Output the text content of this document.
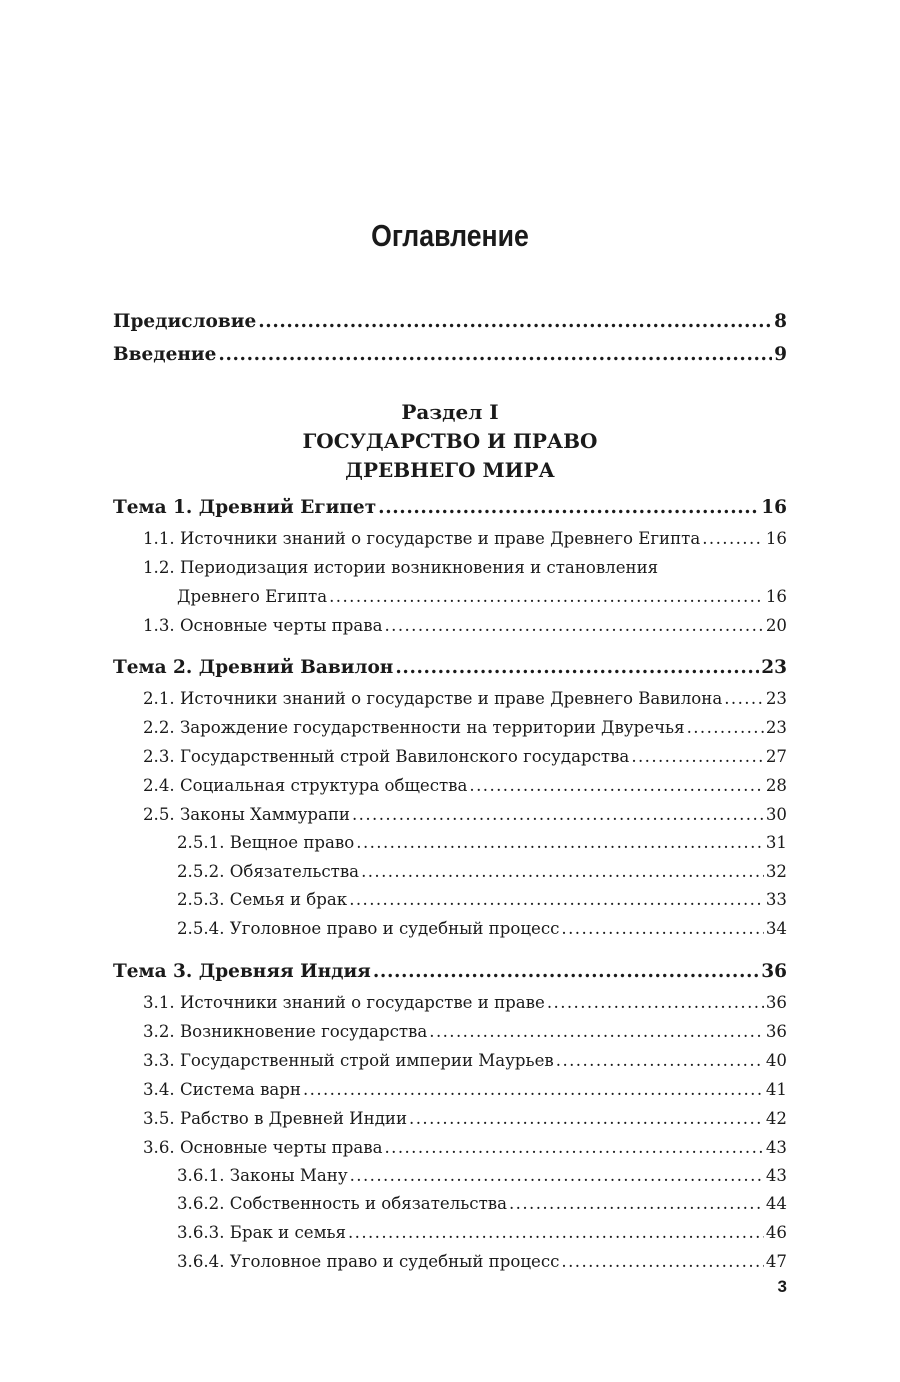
Оглавление
Предисловие .....	8
Введение .....	9
Раздел I
ГОСУДАРСТВО И ПРАВО
ДРЕВНЕГО МИРА
Тема 1. Древний Египет .....	16
1.1. Источники знаний о государстве и праве Древнего Египта .....	16
1.2. Периодизация истории возникновения и становления
Древнего Египта .....	16
1.3. Основные черты права .....	20
Тема 2. Древний Вавилон .....	23
2.1. Источники знаний о государстве и праве Древнего Вавилона .....	23
2.2. Зарождение государственности на территории Двуречья .....	23
2.3. Государственный строй Вавилонского государства .....	27
2.4. Социальная структура общества .....	28
2.5. Законы Хаммурапи .....	30
2.5.1. Вещное право .....	31
2.5.2. Обязательства .....	32
2.5.3. Семья и брак .....	33
2.5.4. Уголовное право и судебный процесс .....	34
Тема 3. Древняя Индия .....	36
3.1. Источники знаний о государстве и праве .....	36
3.2. Возникновение государства .....	36
3.3. Государственный строй империи Маурьев .....	40
3.4. Система варн .....	41
3.5. Рабство в Древней Индии .....	42
3.6. Основные черты права .....	43
3.6.1. Законы Ману .....	43
3.6.2. Собственность и обязательства .....	44
3.6.3. Брак и семья .....	46
3.6.4. Уголовное право и судебный процесс .....	47
3
